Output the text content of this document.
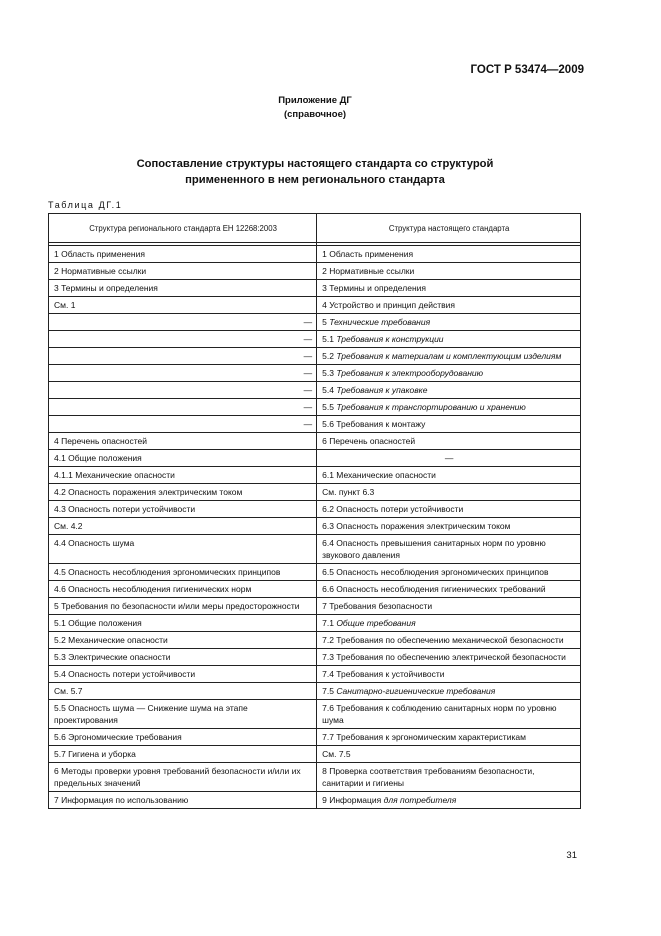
ГОСТ Р 53474—2009
Приложение ДГ
(справочное)
Сопоставление структуры настоящего стандарта со структурой
примененного в нем регионального стандарта
Таблица ДГ.1
Структура регионального стандарта ЕН 12268:2003	Структура настоящего стандарта

1 Область применения	1 Область применения
2 Нормативные ссылки	2 Нормативные ссылки
3 Термины и определения	3 Термины и определения
См. 1	4 Устройство и принцип действия
—	5 Технические требования
—	5.1 Требования к конструкции
—	5.2 Требования к материалам и комплектующим изделиям
—	5.3 Требования к электрооборудованию
—	5.4 Требования к упаковке
—	5.5 Требования к транспортированию и хранению
—	5.6 Требования к монтажу
4 Перечень опасностей	6 Перечень опасностей
4.1 Общие положения	—
4.1.1 Механические опасности	6.1 Механические опасности
4.2 Опасность поражения электрическим током	См. пункт 6.3
4.3 Опасность потери устойчивости	6.2 Опасность потери устойчивости
См. 4.2	6.3 Опасность поражения электрическим током
4.4 Опасность шума	6.4 Опасность превышения санитарных норм по уровню звукового давления
4.5 Опасность несоблюдения эргономических принципов	6.5 Опасность несоблюдения эргономических принципов
4.6 Опасность несоблюдения гигиенических норм	6.6 Опасность несоблюдения гигиенических требований
5 Требования по безопасности и/или меры предосторожности	7 Требования безопасности
5.1 Общие положения	7.1 Общие требования
5.2 Механические опасности	7.2 Требования по обеспечению механической безопасности
5.3 Электрические опасности	7.3 Требования по обеспечению электрической безопасности
5.4 Опасность потери устойчивости	7.4 Требования к устойчивости
См. 5.7	7.5 Санитарно-гигиенические требования
5.5 Опасность шума — Снижение шума на этапе проектирования	7.6 Требования к соблюдению санитарных норм по уровню шума
5.6 Эргономические требования	7.7 Требования к эргономическим характеристикам
5.7 Гигиена и уборка	См. 7.5
6 Методы проверки уровня требований безопасности и/или их предельных значений	8 Проверка соответствия требованиям безопасности, санитарии и гигиены
7 Информация по использованию	9 Информация для потребителя
31
